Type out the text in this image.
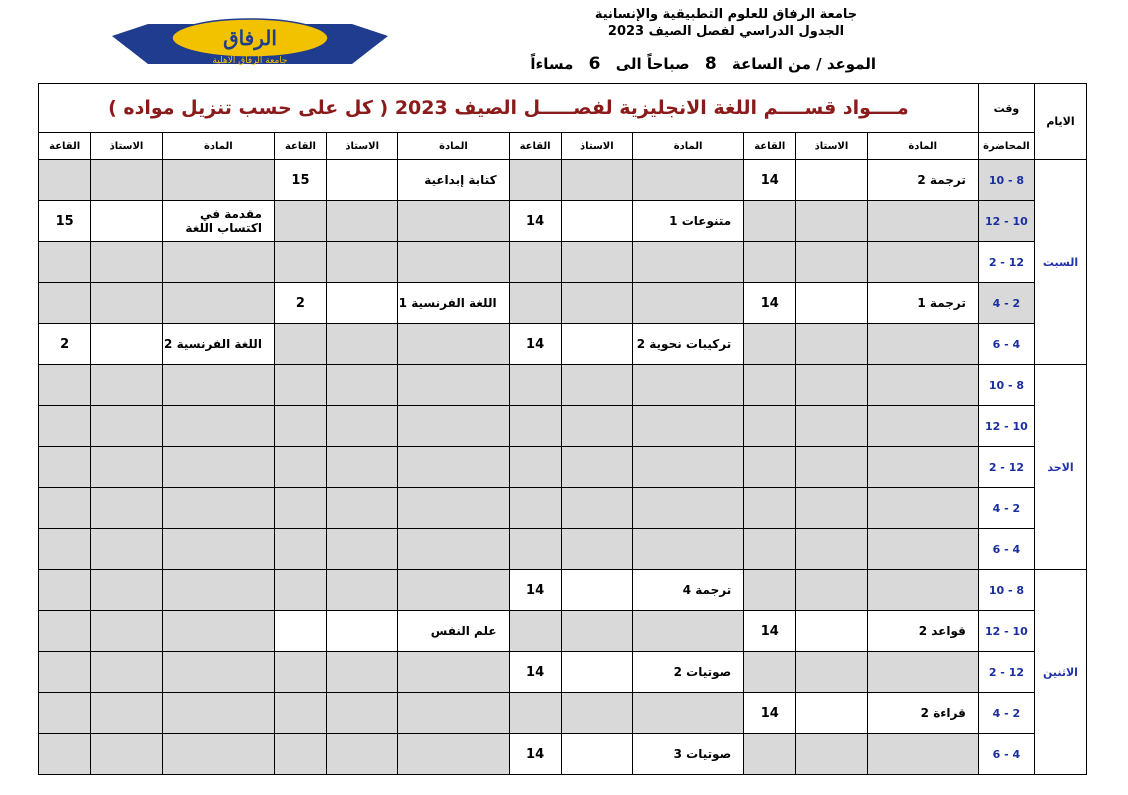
الرفاق
جامعة الرفاق الاهلية
جامعة الرفاق للعلوم التطبيقية والإنسانية
الجدول الدراسي لفصل الصيف 2023
الموعد / من الساعة 8 صباحاً الى 6 مساءاً
الايام	وقت	مــــواد قســــم اللغة الانجليزية لفصـــــل الصيف 2023 ( كل على حسب تنزيل مواده )											
	المحاضرة	المادة	الاستاذ	القاعة	المادة	الاستاذ	القاعة	المادة	الاستاذ	القاعة	المادة	الاستاذ	القاعة
السبت	10 - 8	ترجمة 2		14				كتابة إبداعية		15			
	12 - 10				متنوعات 1		14				مقدمة في اكتساب اللغة		15
	2 - 12												
	4 - 2	ترجمة 1		14				اللغة الفرنسية 1		2			
	6 - 4				تركيبات نحوية 2		14				اللغة الفرنسية 2		2
الاحد	10 - 8												
	12 - 10												
	2 - 12												
	4 - 2												
	6 - 4												
الاثنين	10 - 8				ترجمة 4		14						
	12 - 10	قواعد 2		14				علم النفس					
	2 - 12				صوتيات 2		14						
	4 - 2	قراءة 2		14									
	6 - 4				صوتيات 3		14						
